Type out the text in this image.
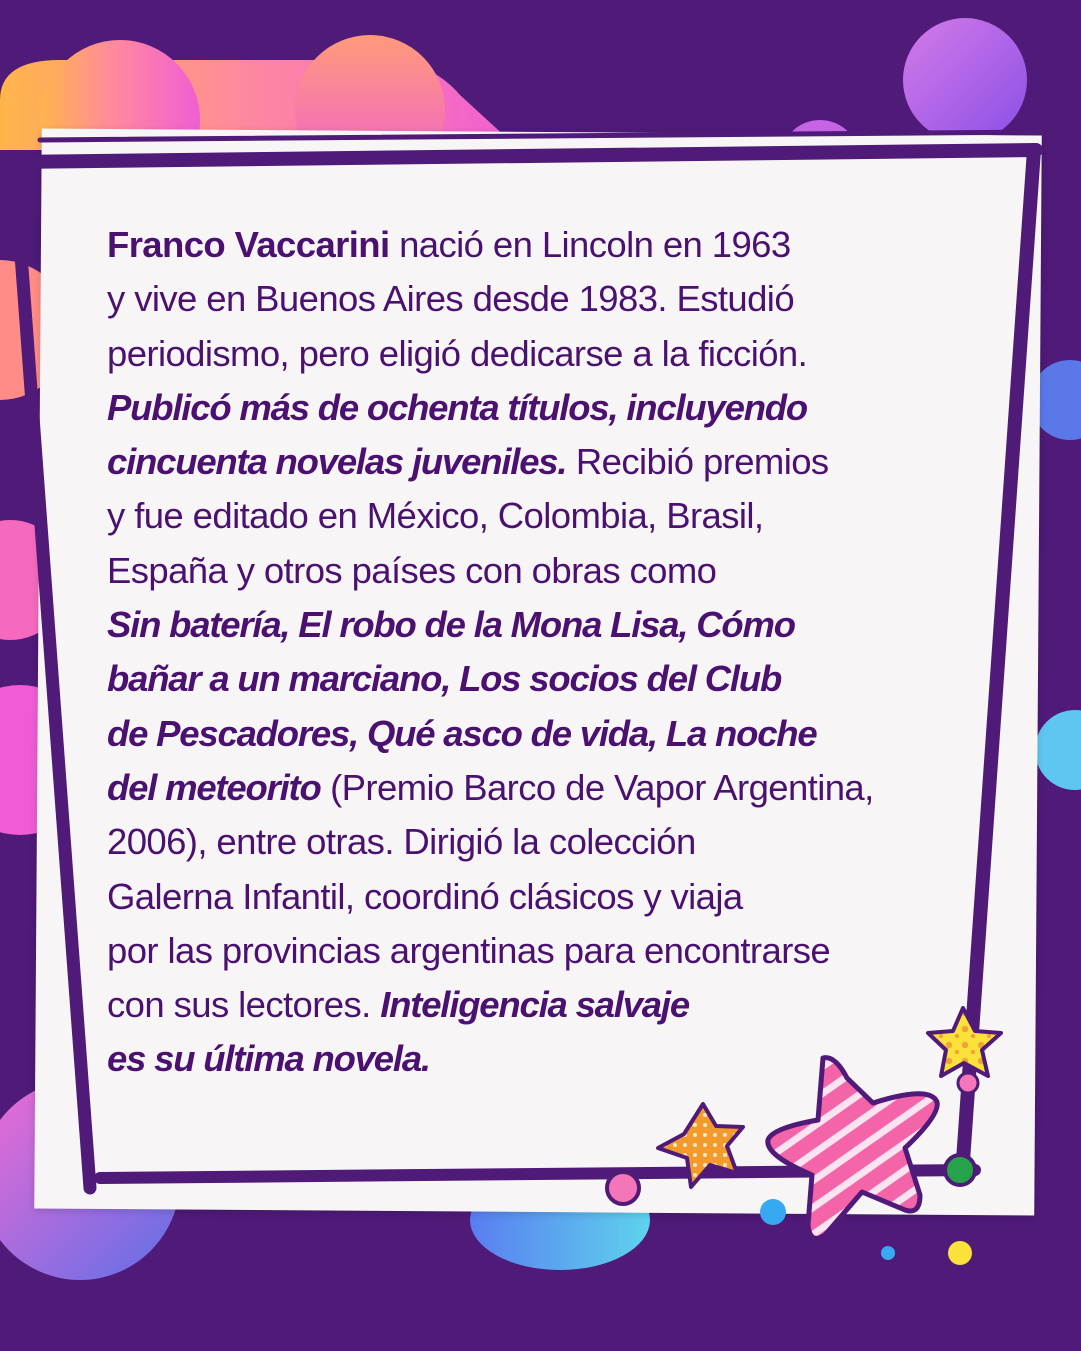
Franco Vaccarini nació en Lincoln en 1963
y vive en Buenos Aires desde 1983. Estudió
periodismo, pero eligió dedicarse a la ficción.
Publicó más de ochenta títulos, incluyendo
cincuenta novelas juveniles. Recibió premios
y fue editado en México, Colombia, Brasil,
España y otros países con obras como
Sin batería, El robo de la Mona Lisa, Cómo
bañar a un marciano, Los socios del Club
de Pescadores, Qué asco de vida, La noche
del meteorito (Premio Barco de Vapor Argentina,
2006), entre otras. Dirigió la colección
Galerna Infantil, coordinó clásicos y viaja
por las provincias argentinas para encontrarse
con sus lectores. Inteligencia salvaje
es su última novela.
